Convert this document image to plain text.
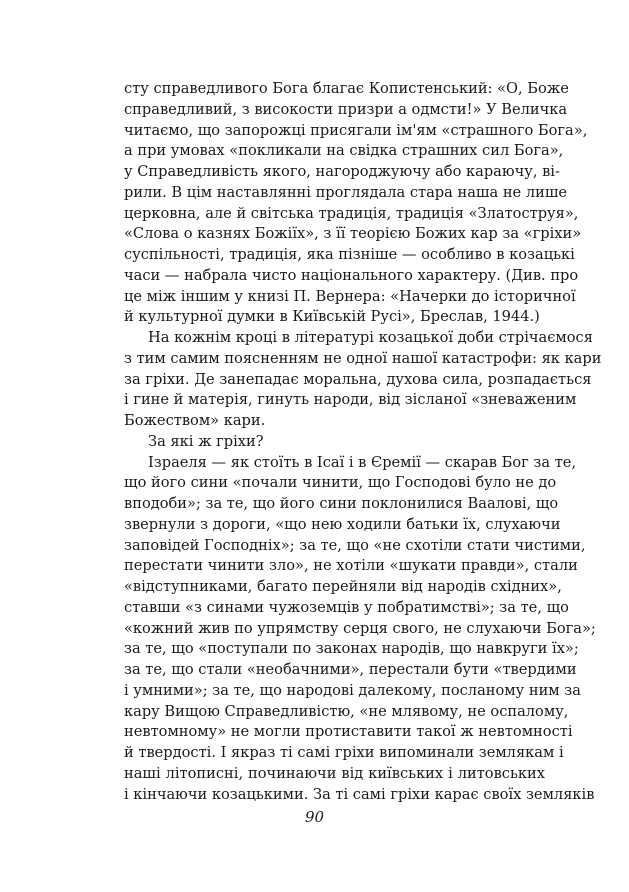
сту справедливого Бога благає Копистенський: «О, Боже
справедливий, з високости призри а одмсти!» У Величка
читаємо, що запорожці присягали ім'ям «страшного Бога»,
а при умовах «покликали на свідка страшних сил Бога»,
у Справедливість якого, нагороджуючу або караючу, ві-
рили. В цім наставлянні проглядала стара наша не лише
церковна, але й світська традиція, традиція «Златоструя»,
«Слова о казнях Божіїх», з її теорією Божих кар за «гріхи»
суспільності, традиція, яка пізніше — особливо в козацькі
часи — набрала чисто національного характеру. (Див. про
це між іншим у книзі П. Вернера: «Начерки до історичної
й культурної думки в Київській Русі», Бреслав, 1944.)
На кожнім кроці в літературі козацької доби стрічаємося
з тим самим поясненням не одної нашої катастрофи: як кари
за гріхи. Де занепадає моральна, духова сила, розпадається
і гине й матерія, гинуть народи, від зісланої «зневаженим
Божеством» кари.
За які ж гріхи?
Ізраеля — як стоїть в Ісаї і в Єремії — скарав Бог за те,
що його сини «почали чинити, що Господові було не до
вподоби»; за те, що його сини поклонилися Ваалові, що
звернули з дороги, «що нею ходили батьки їх, слухаючи
заповідей Господніх»; за те, що «не схотіли стати чистими,
перестати чинити зло», не хотіли «шукати правди», стали
«відступниками, багато перейняли від народів східних»,
ставши «з синами чужоземців у побратимстві»; за те, що
«кожний жив по упрямству серця свого, не слухаючи Бога»;
за те, що «поступали по законах народів, що навкруги їх»;
за те, що стали «необачними», перестали бути «твердими
і умними»; за те, що народові далекому, посланому ним за
кару Вищою Справедливістю, «не млявому, не оспалому,
невтомному» не могли протиставити такої ж невтомності
й твердості. І якраз ті самі гріхи випоминали землякам і
наші літописні, починаючи від київських і литовських
і кінчаючи козацькими. За ті самі гріхи карає своїх земляків
90
